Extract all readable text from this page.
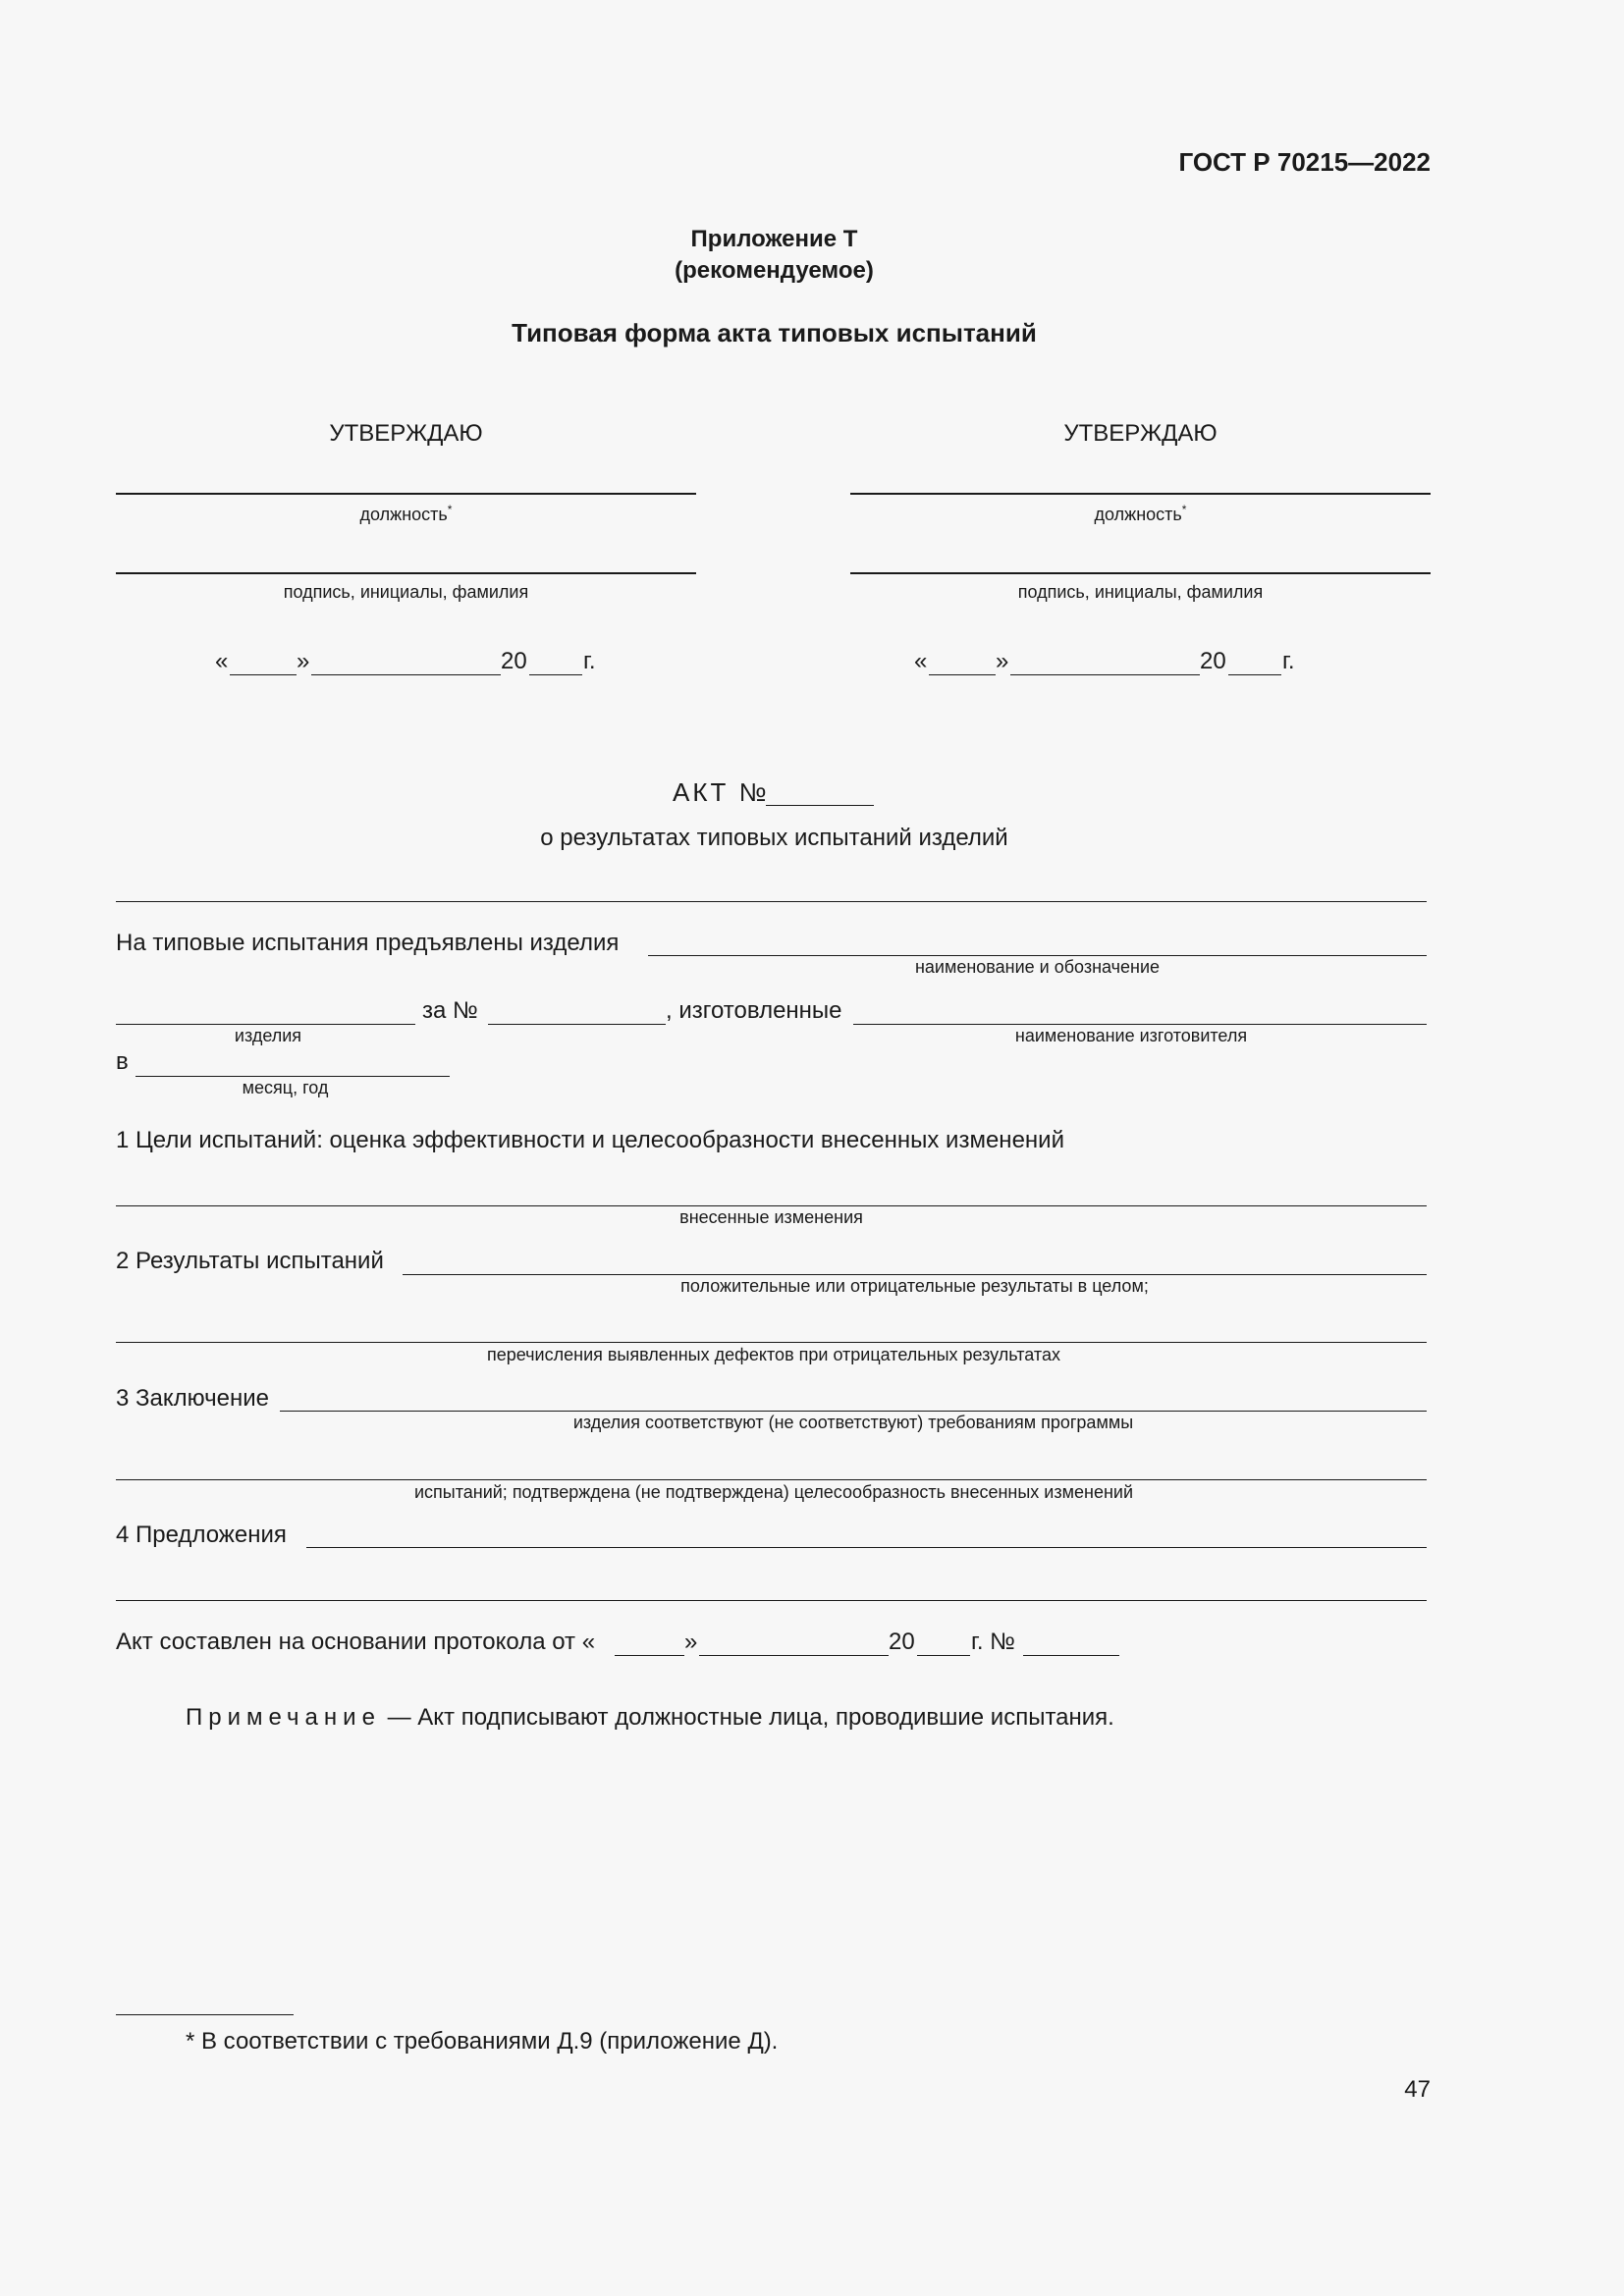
ГОСТ Р 70215—2022
Приложение Т
(рекомендуемое)
Типовая форма акта типовых испытаний
УТВЕРЖДАЮ
должность*
подпись, инициалы, фамилия
«	»	20 г.
УТВЕРЖДАЮ
должность*
подпись, инициалы, фамилия
«	»	20 г.
АКТ №
о результатах типовых испытаний изделий
На типовые испытания предъявлены изделия
наименование и обозначение
изделия
за №	, изготовленные
наименование изготовителя
в
месяц, год
1 Цели испытаний: оценка эффективности и целесообразности внесенных изменений
внесенные изменения
2 Результаты испытаний
положительные или отрицательные результаты в целом;
перечисления выявленных дефектов при отрицательных результатах
3 Заключение
изделия соответствуют (не соответствуют) требованиям программы
испытаний; подтверждена (не подтверждена) целесообразность внесенных изменений
4 Предложения
Акт составлен на основании протокола от «	»	20 г. №
Примечание — Акт подписывают должностные лица, проводившие испытания.
* В соответствии с требованиями Д.9 (приложение Д).
47
